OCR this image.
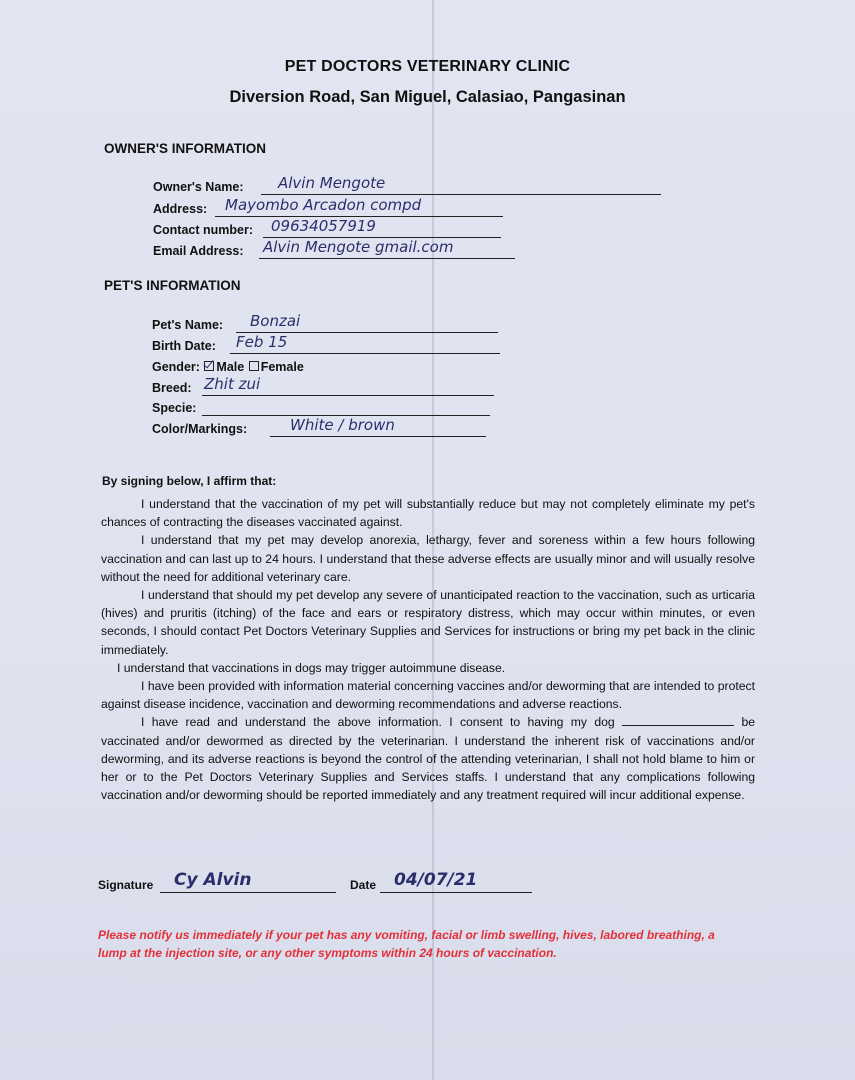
PET DOCTORS VETERINARY CLINIC
Diversion Road, San Miguel, Calasiao, Pangasinan
OWNER'S INFORMATION
Owner's Name: Alvin Mengote
Address: Mayombo Arcadon compd
Contact number: 09634057919
Email Address: Alvin Mengote gmail.com
PET'S INFORMATION
Pet's Name: Bonzai
Birth Date: Feb 15
Gender: Male Female
Breed: Zhit zui
Specie:
Color/Markings:	White / brown
By signing below, I affirm that:

I understand that the vaccination of my pet will substantially reduce but may not completely eliminate my pet's chances of contracting the diseases vaccinated against.

I understand that my pet may develop anorexia, lethargy, fever and soreness within a few hours following vaccination and can last up to 24 hours. I understand that these adverse effects are usually minor and will usually resolve without the need for additional veterinary care.

I understand that should my pet develop any severe of unanticipated reaction to the vaccination, such as urticaria (hives) and pruritis (itching) of the face and ears or respiratory distress, which may occur within minutes, or even seconds, I should contact Pet Doctors Veterinary Supplies and Services for instructions or bring my pet back in the clinic immediately.

I understand that vaccinations in dogs may trigger autoimmune disease.

I have been provided with information material concerning vaccines and/or deworming that are intended to protect against disease incidence, vaccination and deworming recommendations and adverse reactions.

I have read and understand the above information. I consent to having my dog	be vaccinated and/or dewormed as directed by the veterinarian. I understand the inherent risk of vaccinations and/or deworming, and its adverse reactions is beyond the control of the attending veterinarian, I shall not hold blame to him or her or to the Pet Doctors Veterinary Supplies and Services staffs. I understand that any complications following vaccination and/or deworming should be reported immediately and any treatment required will incur additional expense.

Signature Cy Alvin	Date 04/07/21
Please notify us immediately if your pet has any vomiting, facial or limb swelling, hives, labored breathing, a lump at the injection site, or any other symptoms within 24 hours of vaccination.
